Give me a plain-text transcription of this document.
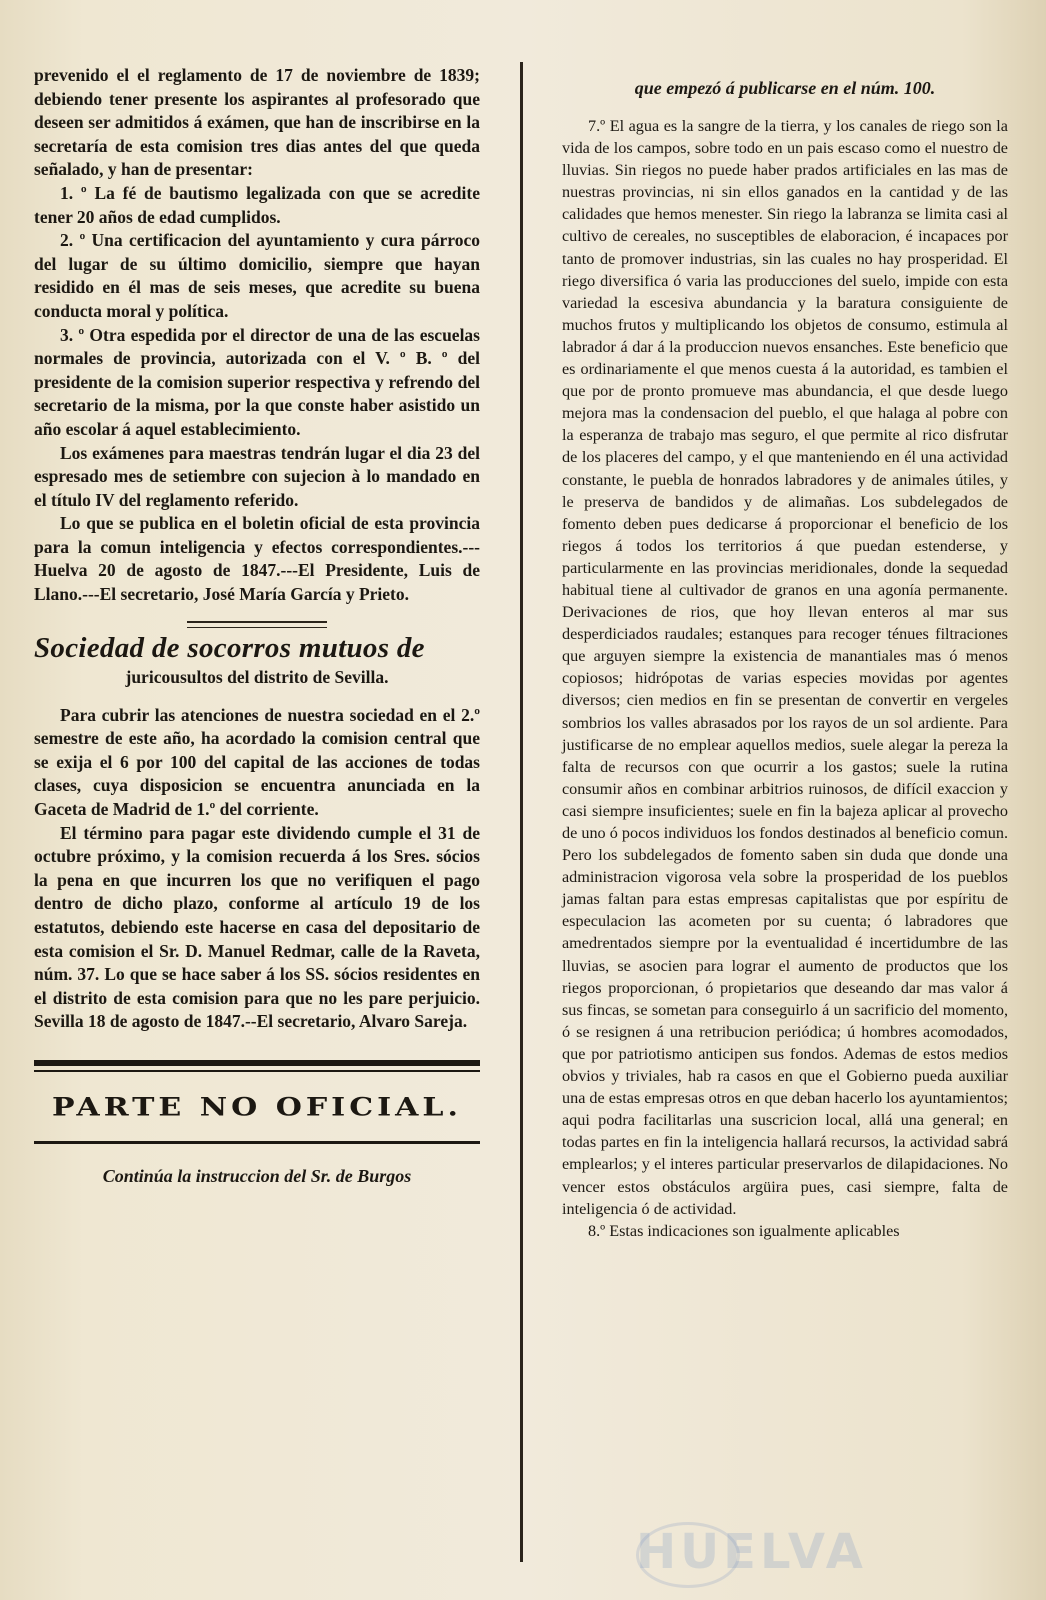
prevenido el el reglamento de 17 de noviembre de 1839; debiendo tener presente los aspirantes al profesorado que deseen ser admitidos á exámen, que han de inscribirse en la secretaría de esta comision tres dias antes del que queda señalado, y han de presentar:

1. º La fé de bautismo legalizada con que se acredite tener 20 años de edad cumplidos.

2. º Una certificacion del ayuntamiento y cura párroco del lugar de su último domicilio, siempre que hayan residido en él mas de seis meses, que acredite su buena conducta moral y política.

3. º Otra espedida por el director de una de las escuelas normales de provincia, autorizada con el V. º B. º del presidente de la comision superior respectiva y refrendo del secretario de la misma, por la que conste haber asistido un año escolar á aquel establecimiento.

Los exámenes para maestras tendrán lugar el dia 23 del espresado mes de setiembre con sujecion à lo mandado en el título IV del reglamento referido.

Lo que se publica en el boletin oficial de esta provincia para la comun inteligencia y efectos correspondientes.---Huelva 20 de agosto de 1847.---El Presidente, Luis de Llano.---El secretario, José María García y Prieto.

Sociedad de socorros mutuos de
juricousultos del distrito de Sevilla.

Para cubrir las atenciones de nuestra sociedad en el 2.º semestre de este año, ha acordado la comision central que se exija el 6 por 100 del capital de las acciones de todas clases, cuya disposicion se encuentra anunciada en la Gaceta de Madrid de 1.º del corriente.

El término para pagar este dividendo cumple el 31 de octubre próximo, y la comision recuerda á los Sres. sócios la pena en que incurren los que no verifiquen el pago dentro de dicho plazo, conforme al artículo 19 de los estatutos, debiendo este hacerse en casa del depositario de esta comision el Sr. D. Manuel Redmar, calle de la Raveta, núm. 37. Lo que se hace saber á los SS. sócios residentes en el distrito de esta comision para que no les pare perjuicio. Sevilla 18 de agosto de 1847.--El secretario, Alvaro Sareja.

PARTE NO OFICIAL.
Continúa la instruccion del Sr. de Burgos
que empezó á publicarse en el núm. 100.

7.º El agua es la sangre de la tierra, y los canales de riego son la vida de los campos, sobre todo en un pais escaso como el nuestro de lluvias. Sin riegos no puede haber prados artificiales en las mas de nuestras provincias, ni sin ellos ganados en la cantidad y de las calidades que hemos menester. Sin riego la labranza se limita casi al cultivo de cereales, no susceptibles de elaboracion, é incapaces por tanto de promover industrias, sin las cuales no hay prosperidad. El riego diversifica ó varia las producciones del suelo, impide con esta variedad la escesiva abundancia y la baratura consiguiente de muchos frutos y multiplicando los objetos de consumo, estimula al labrador á dar á la produccion nuevos ensanches. Este beneficio que es ordinariamente el que menos cuesta á la autoridad, es tambien el que por de pronto promueve mas abundancia, el que desde luego mejora mas la condensacion del pueblo, el que halaga al pobre con la esperanza de trabajo mas seguro, el que permite al rico disfrutar de los placeres del campo, y el que manteniendo en él una actividad constante, le puebla de honrados labradores y de animales útiles, y le preserva de bandidos y de alimañas. Los subdelegados de fomento deben pues dedicarse á proporcionar el beneficio de los riegos á todos los territorios á que puedan estenderse, y particularmente en las provincias meridionales, donde la sequedad habitual tiene al cultivador de granos en una agonía permanente. Derivaciones de rios, que hoy llevan enteros al mar sus desperdiciados raudales; estanques para recoger ténues filtraciones que arguyen siempre la existencia de manantiales mas ó menos copiosos; hidrópotas de varias especies movidas por agentes diversos; cien medios en fin se presentan de convertir en vergeles sombrios los valles abrasados por los rayos de un sol ardiente. Para justificarse de no emplear aquellos medios, suele alegar la pereza la falta de recursos con que ocurrir a los gastos; suele la rutina consumir años en combinar arbitrios ruinosos, de difícil exaccion y casi siempre insuficientes; suele en fin la bajeza aplicar al provecho de uno ó pocos individuos los fondos destinados al beneficio comun. Pero los subdelegados de fomento saben sin duda que donde una administracion vigorosa vela sobre la prosperidad de los pueblos jamas faltan para estas empresas capitalistas que por espíritu de especulacion las acometen por su cuenta; ó labradores que amedrentados siempre por la eventualidad é incertidumbre de las lluvias, se asocien para lograr el aumento de productos que los riegos proporcionan, ó propietarios que deseando dar mas valor á sus fincas, se sometan para conseguirlo á un sacrificio del momento, ó se resignen á una retribucion periódica; ú hombres acomodados, que por patriotismo anticipen sus fondos. Ademas de estos medios obvios y triviales, hab ra casos en que el Gobierno pueda auxiliar una de estas empresas otros en que deban hacerlo los ayuntamientos; aqui podra facilitarlas una suscricion local, allá una general; en todas partes en fin la inteligencia hallará recursos, la actividad sabrá emplearlos; y el interes particular preservarlos de dilapidaciones. No vencer estos obstáculos argüira pues, casi siempre, falta de inteligencia ó de actividad.

8.º Estas indicaciones son igualmente aplicables

HUELVA
